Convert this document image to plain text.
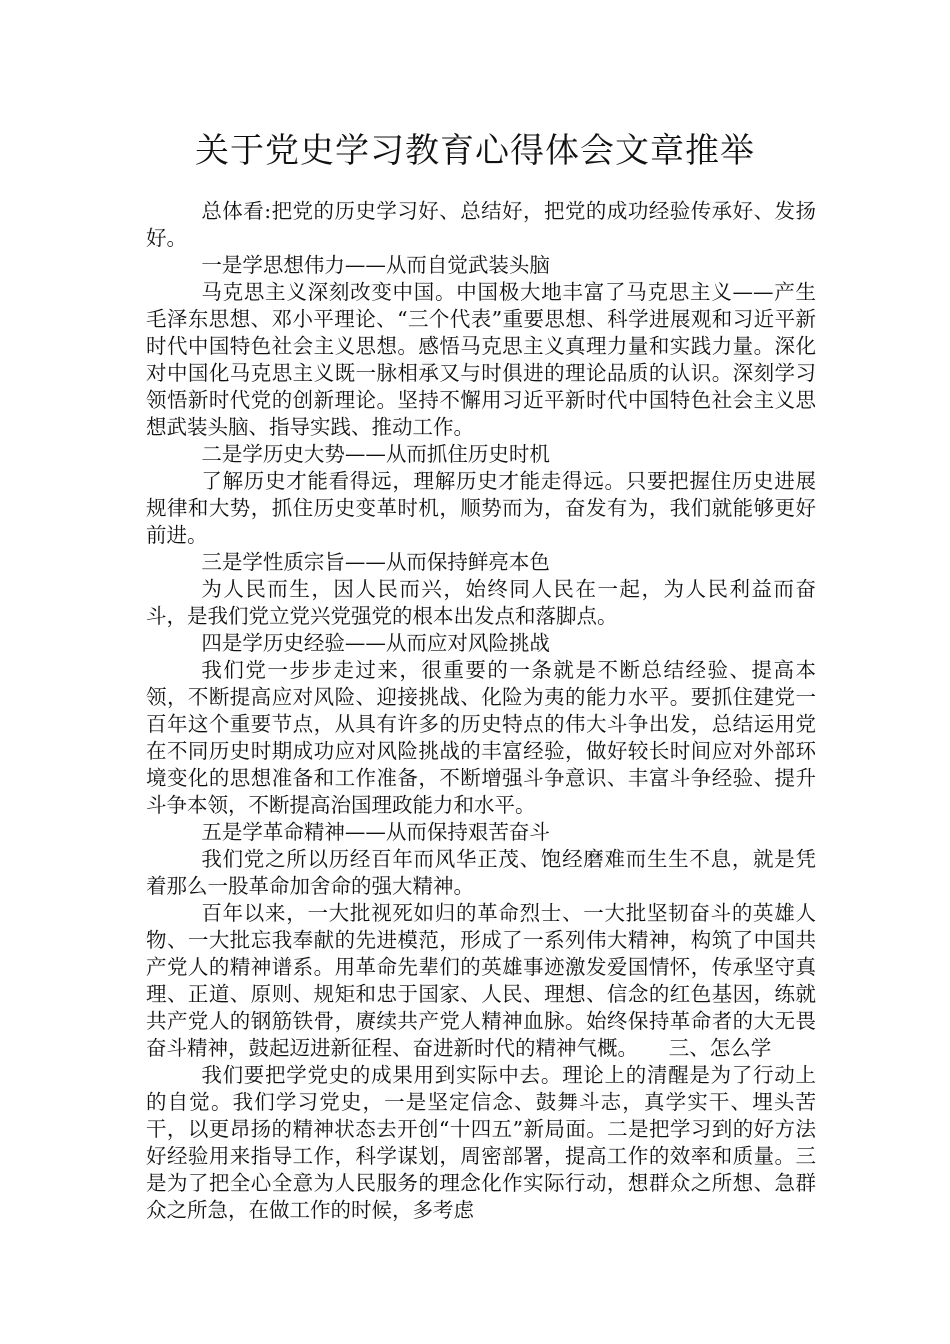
关于党史学习教育心得体会文章推举

总体看:把党的历史学习好、总结好，把党的成功经验传承好、发扬好。

一是学思想伟力——从而自觉武装头脑

马克思主义深刻改变中国。中国极大地丰富了马克思主义——产生毛泽东思想、邓小平理论、“三个代表”重要思想、科学进展观和习近平新时代中国特色社会主义思想。感悟马克思主义真理力量和实践力量。深化对中国化马克思主义既一脉相承又与时俱进的理论品质的认识。深刻学习领悟新时代党的创新理论。坚持不懈用习近平新时代中国特色社会主义思想武装头脑、指导实践、推动工作。

二是学历史大势——从而抓住历史时机

了解历史才能看得远，理解历史才能走得远。只要把握住历史进展规律和大势，抓住历史变革时机，顺势而为，奋发有为，我们就能够更好前进。

三是学性质宗旨——从而保持鲜亮本色

为人民而生，因人民而兴，始终同人民在一起，为人民利益而奋斗，是我们党立党兴党强党的根本出发点和落脚点。

四是学历史经验——从而应对风险挑战

我们党一步步走过来，很重要的一条就是不断总结经验、提高本领，不断提高应对风险、迎接挑战、化险为夷的能力水平。要抓住建党一百年这个重要节点，从具有许多的历史特点的伟大斗争出发，总结运用党在不同历史时期成功应对风险挑战的丰富经验，做好较长时间应对外部环境变化的思想准备和工作准备，不断增强斗争意识、丰富斗争经验、提升斗争本领，不断提高治国理政能力和水平。

五是学革命精神——从而保持艰苦奋斗

我们党之所以历经百年而风华正茂、饱经磨难而生生不息，就是凭着那么一股革命加舍命的强大精神。

百年以来，一大批视死如归的革命烈士、一大批坚韧奋斗的英雄人物、一大批忘我奉献的先进模范，形成了一系列伟大精神，构筑了中国共产党人的精神谱系。用革命先辈们的英雄事迹激发爱国情怀，传承坚守真理、正道、原则、规矩和忠于国家、人民、理想、信念的红色基因，练就共产党人的钢筋铁骨，赓续共产党人精神血脉。始终保持革命者的大无畏奋斗精神，鼓起迈进新征程、奋进新时代的精神气概。　　三、怎么学

我们要把学党史的成果用到实际中去。理论上的清醒是为了行动上的自觉。我们学习党史，一是坚定信念、鼓舞斗志，真学实干、埋头苦干，以更昂扬的精神状态去开创“十四五”新局面。二是把学习到的好方法好经验用来指导工作，科学谋划，周密部署，提高工作的效率和质量。三是为了把全心全意为人民服务的理念化作实际行动，想群众之所想、急群众之所急，在做工作的时候，多考虑
